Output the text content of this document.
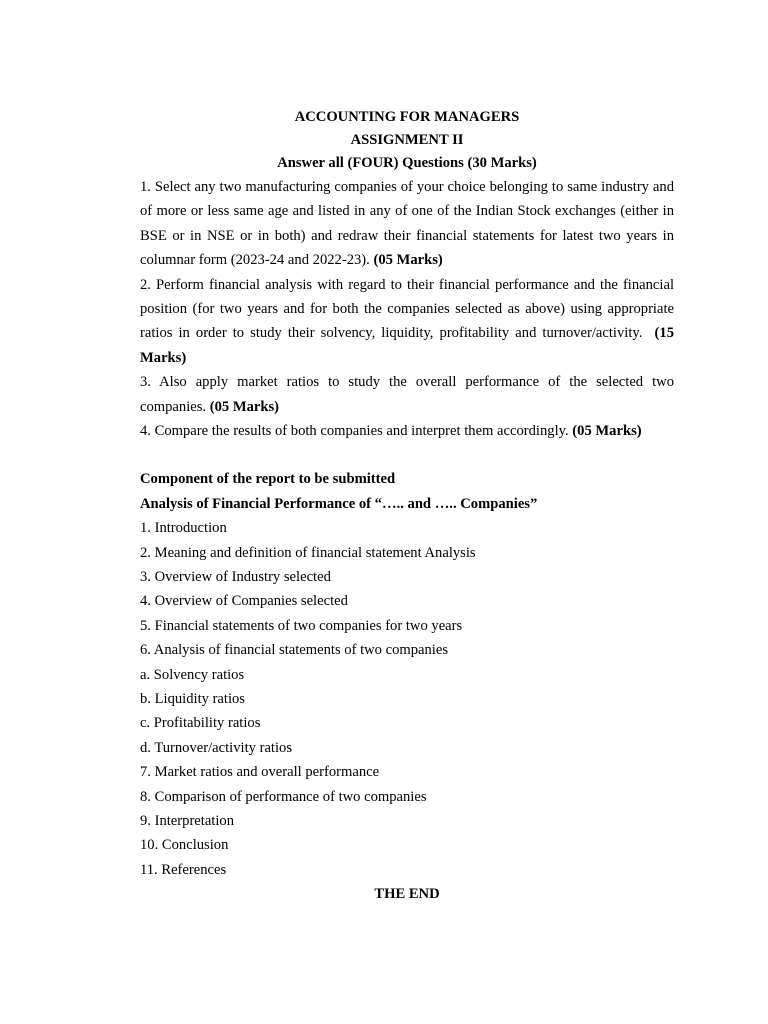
ACCOUNTING FOR MANAGERS
ASSIGNMENT II
Answer all (FOUR) Questions (30 Marks)

1. Select any two manufacturing companies of your choice belonging to same industry and of more or less same age and listed in any of one of the Indian Stock exchanges (either in BSE or in NSE or in both) and redraw their financial statements for latest two years in columnar form (2023-24 and 2022-23). (05 Marks)

2. Perform financial analysis with regard to their financial performance and the financial position (for two years and for both the companies selected as above) using appropriate ratios in order to study their solvency, liquidity, profitability and turnover/activity. (15 Marks)

3. Also apply market ratios to study the overall performance of the selected two companies. (05 Marks)

4. Compare the results of both companies and interpret them accordingly. (05 Marks)

Component of the report to be submitted
Analysis of Financial Performance of “….. and ….. Companies”
1. Introduction
2. Meaning and definition of financial statement Analysis
3. Overview of Industry selected
4. Overview of Companies selected
5. Financial statements of two companies for two years
6. Analysis of financial statements of two companies
a. Solvency ratios
b. Liquidity ratios
c. Profitability ratios
d. Turnover/activity ratios
7. Market ratios and overall performance
8. Comparison of performance of two companies
9. Interpretation
10. Conclusion
11. References
THE END
